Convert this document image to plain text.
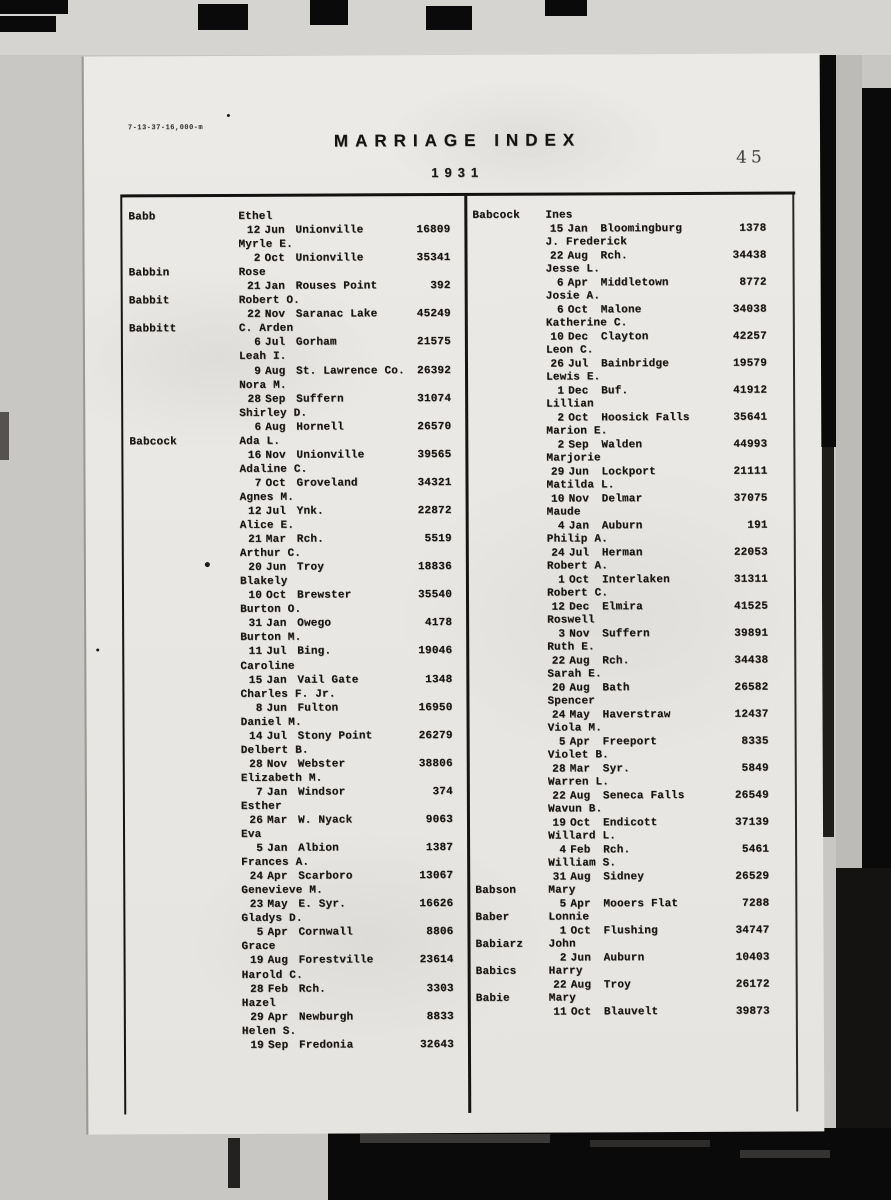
7-13-37-16,000-m
MARRIAGE INDEX
1931
45
Babb	Ethel
12 Jun Unionville	16809
Myrle E.
2 Oct Unionville	35341
Babbin	Rose
21 Jan Rouses Point	392
Babbit	Robert O.
22 Nov Saranac Lake	45249
Babbitt	C. Arden
6 Jul Gorham	21575
Leah I.
9 Aug St. Lawrence Co. 26392
Nora M.
28 Sep Suffern	31074
Shirley D.
6 Aug Hornell	26570
Babcock	Ada L.
16 Nov Unionville	39565
Adaline C.
7 Oct Groveland	34321
Agnes M.
12 Jul Ynk.	22872
Alice E.
21 Mar Rch.	5519
Arthur C.
20 Jun Troy	18836
Blakely
10 Oct Brewster	35540
Burton O.
31 Jan Owego	4178
Burton M.
11 Jul Bing.	19046
Caroline
15 Jan Vail Gate	1348
Charles F. Jr.
8 Jun Fulton	16950
Daniel M.
14 Jul Stony Point	26279
Delbert B.
28 Nov Webster	38806
Elizabeth M.
7 Jan Windsor	374
Esther
26 Mar W. Nyack	9063
Eva
5 Jan Albion	1387
Frances A.
24 Apr Scarboro	13067
Genevieve M.
23 May E. Syr.	16626
Gladys D.
5 Apr Cornwall	8806
Grace
19 Aug Forestville	23614
Harold C.
28 Feb Rch.	3303
Hazel
29 Apr Newburgh	8833
Helen S.
19 Sep Fredonia	32643
Babcock Ines
15 Jan Bloomingburg	1378
J. Frederick
22 Aug Rch.	34438
Jesse L.
6 Apr Middletown	8772
Josie A.
6 Oct Malone	34038
Katherine C.
10 Dec Clayton	42257
Leon C.
26 Jul Bainbridge	19579
Lewis E.
1 Dec Buf.	41912
Lillian
2 Oct Hoosick Falls	35641
Marion E.
2 Sep Walden	44993
Marjorie
29 Jun Lockport	21111
Matilda L.
10 Nov Delmar	37075
Maude
4 Jan Auburn	191
Philip A.
24 Jul Herman	22053
Robert A.
1 Oct Interlaken	31311
Robert C.
12 Dec Elmira	41525
Roswell
3 Nov Suffern	39891
Ruth E.
22 Aug Rch.	34438
Sarah E.
20 Aug Bath	26582
Spencer
24 May Haverstraw	12437
Viola M.
5 Apr Freeport	8335
Violet B.
28 Mar Syr.	5849
Warren L.
22 Aug Seneca Falls	26549
Wavun B.
19 Oct Endicott	37139
Willard L.
4 Feb Rch.	5461
William S.
31 Aug Sidney	26529
Babson	Mary
5 Apr Mooers Flat	7288
Baber	Lonnie
1 Oct Flushing	34747
Babiarz John
2 Jun Auburn	10403
Babics	Harry
22 Aug Troy	26172
Babie	Mary
11 Oct Blauvelt	39873
